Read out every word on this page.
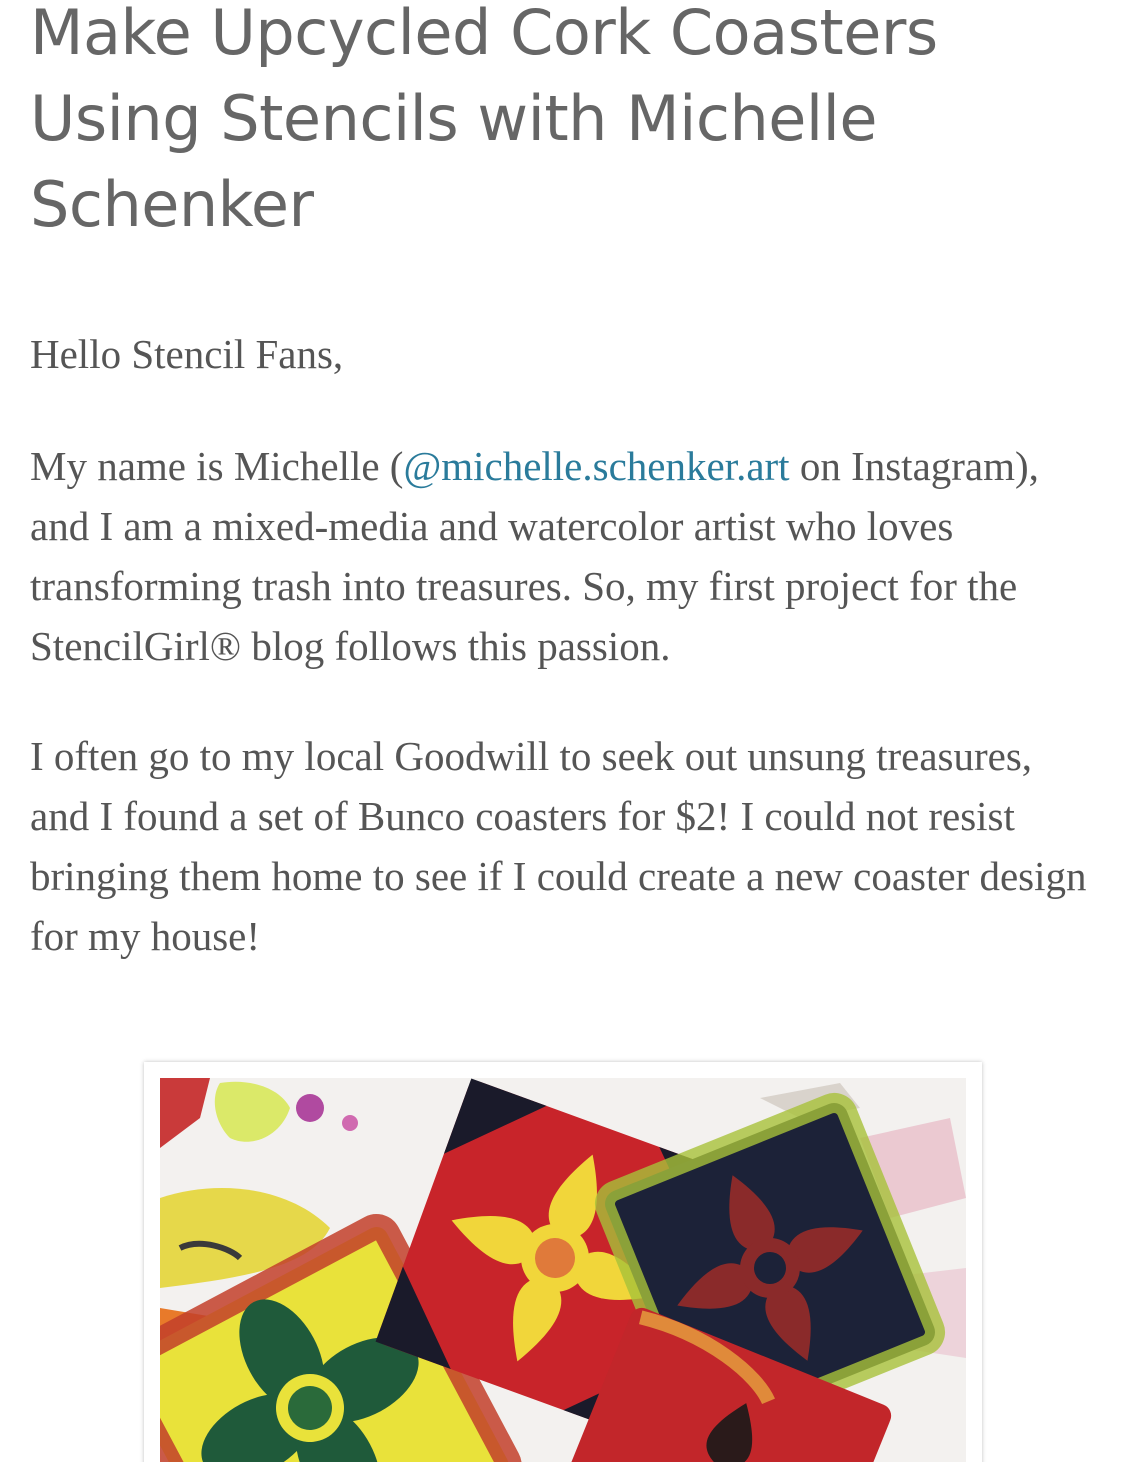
Make Upcycled Cork Coasters Using Stencils with Michelle Schenker

Hello Stencil Fans,

My name is Michelle (@michelle.schenker.art on Instagram), and I am a mixed-media and watercolor artist who loves transforming trash into treasures. So, my first project for the StencilGirl® blog follows this passion.

I often go to my local Goodwill to seek out unsung treasures, and I found a set of Bunco coasters for $2! I could not resist bringing them home to see if I could create a new coaster design for my house!
